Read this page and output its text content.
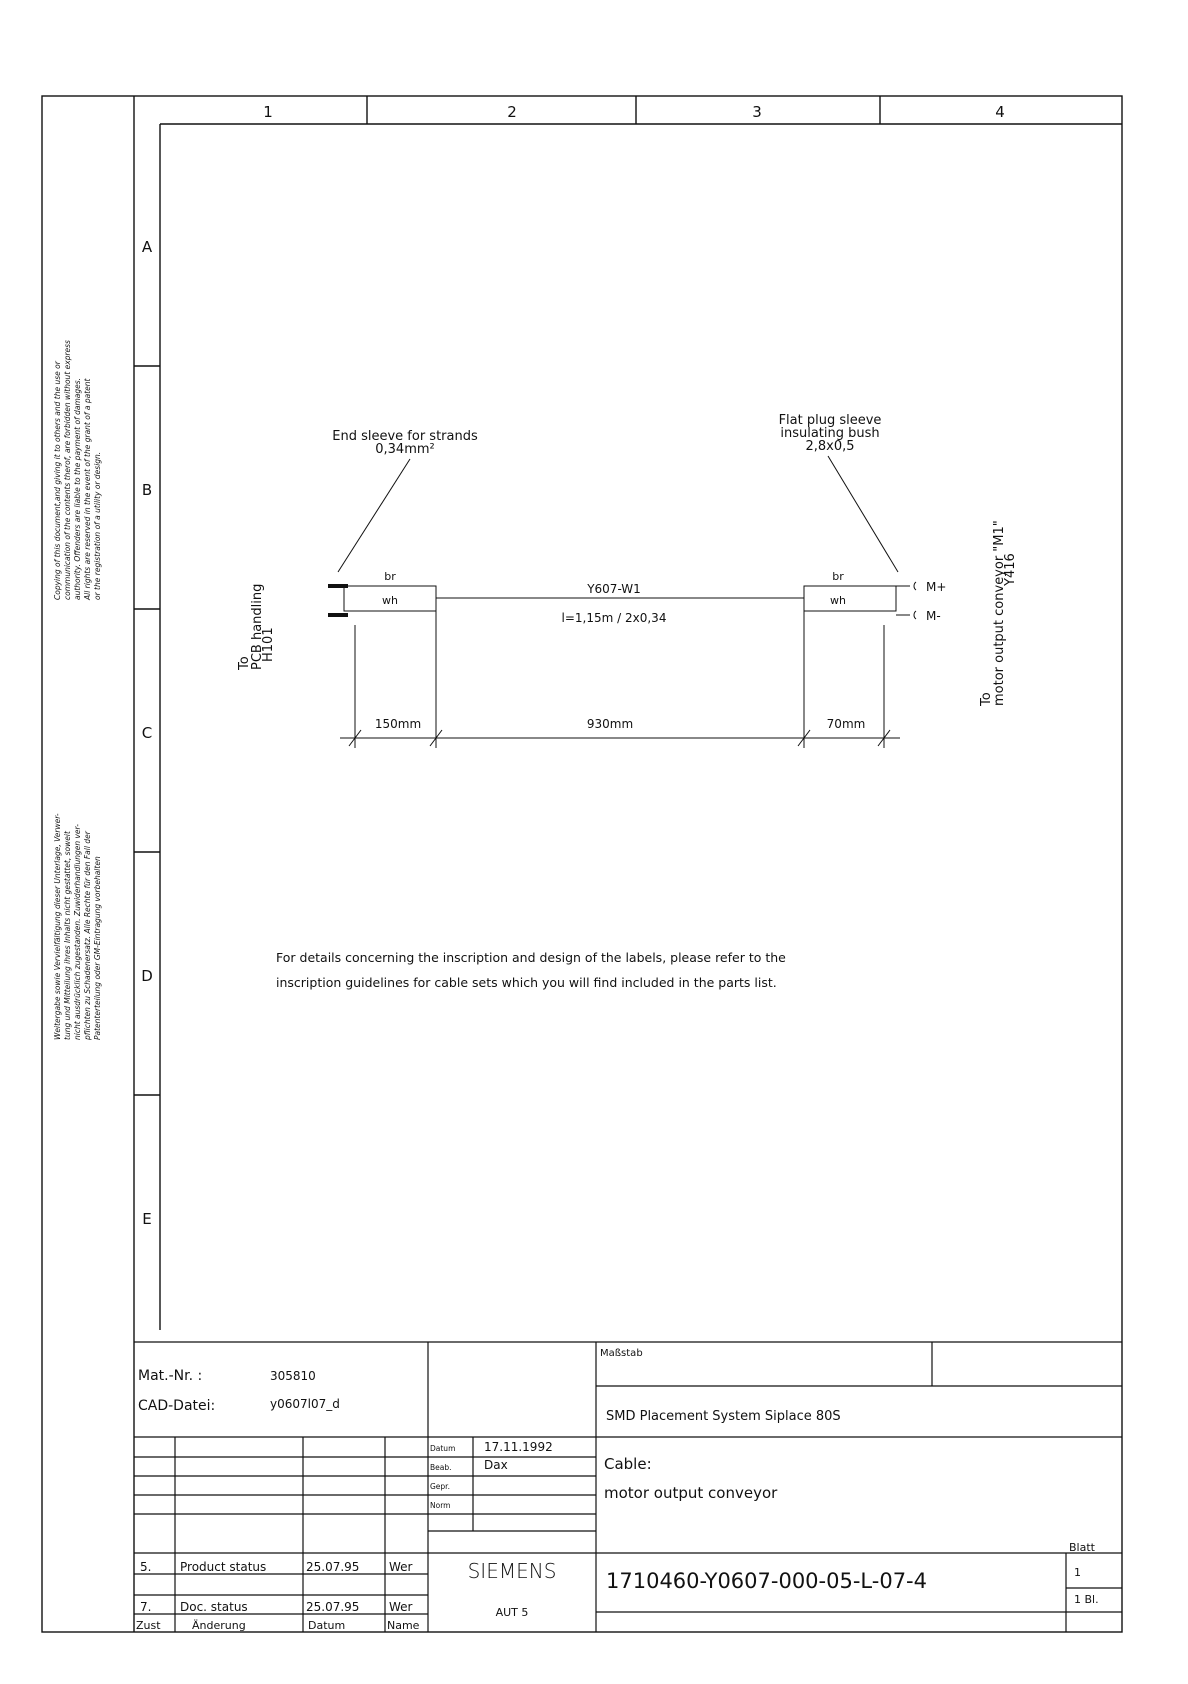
1	2	3	4
A
B
C
D
E
Copying of this document,and giving it to others and the use or communication of the contents therof, are forbidden without express authority. Offenders are liable to the payment of damages. All rights are reserved in the event of the grant of a patent or the registration of a utility or design.
Weitergabe sowie Vervielfältigung dieser Unterlage, Verwer- tung und Mitteilung ihres Inhalts nicht gestattet, soweit nicht ausdrücklich zugestanden. Zuwiderhandlungen ver- pflichten zu Schadenersatz. Alle Rechte für den Fall der Patenterteilung oder GM-Eintragung vorbehalten
To
PCB handling
H101
To
motor output conveyor "M1"
Y416
End sleeve for strands
0,34mm²
Flat plug sleeve
insulating bush
2,8x0,5
br
wh
br
wh
Y607-W1
l=1,15m / 2x0,34
M+
M-
150mm	930mm	70mm
For details concerning the inscription and design of the labels, please refer to the
inscription guidelines for cable sets which you will find included in the parts list.
Mat.-Nr. :	305810
CAD-Datei:	y0607l07_d
Maßstab
SMD Placement System Siplace 80S
Datum 17.11.1992
Beab.	Dax
Gepr.
Norm
Cable:
motor output conveyor
SIEMENS
AUT 5
1710460-Y0607-000-05-L-07-4
Blatt
1
1 Bl.
5. Product status	25.07.95 Wer
7. Doc. status	25.07.95 Wer
Zust	Änderung	Datum	Name
